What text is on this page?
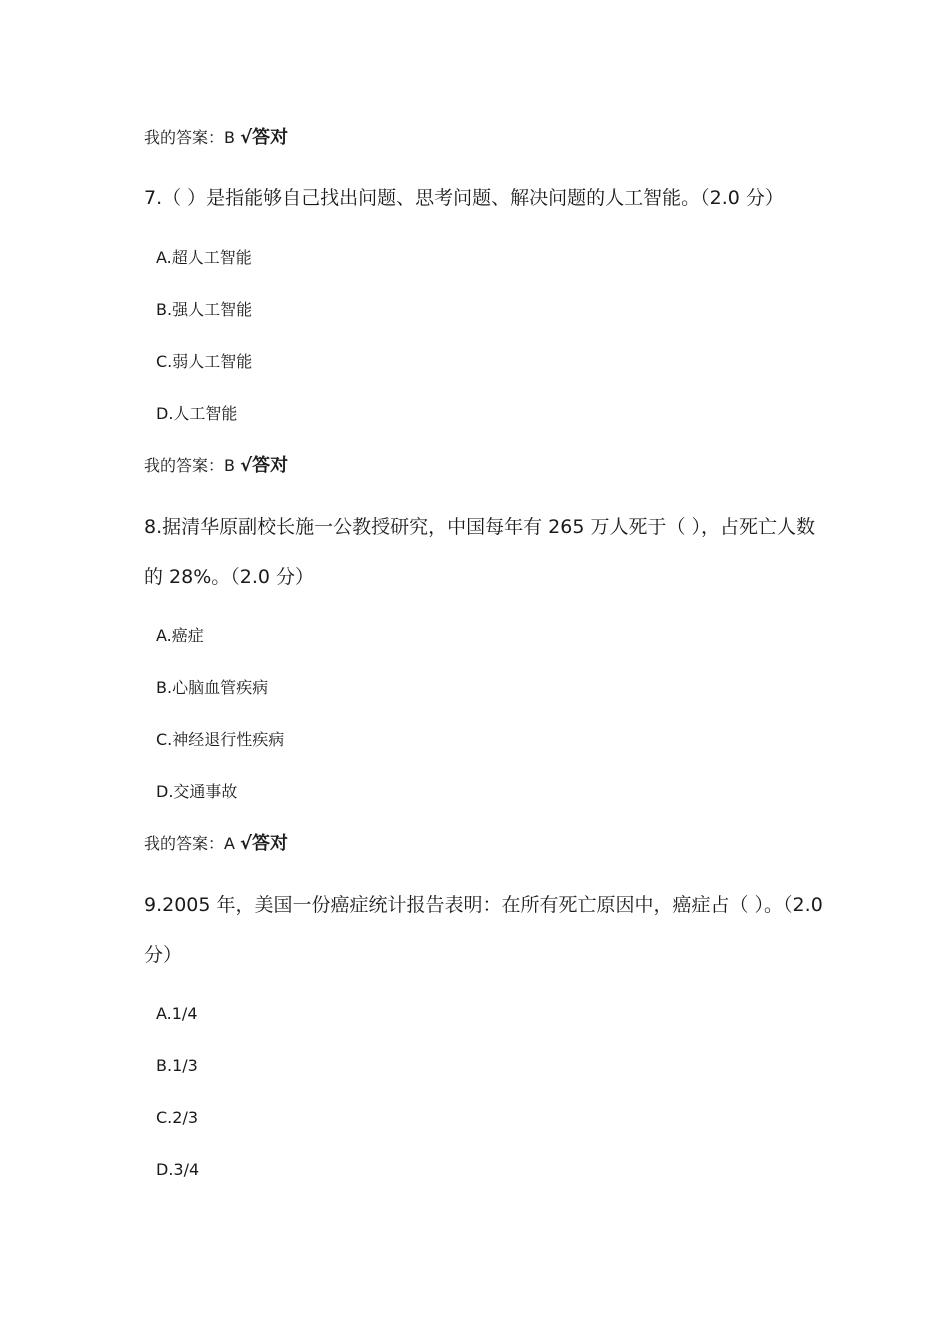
我的答案：B √答对
7.（ ）是指能够自己找出问题、思考问题、解决问题的人工智能。（2.0 分）
A.超人工智能
B.强人工智能
C.弱人工智能
D.人工智能
我的答案：B √答对
8.据清华原副校长施一公教授研究，中国每年有 265 万人死于（ ），占死亡人数
的 28%。（2.0 分）
A.癌症
B.心脑血管疾病
C.神经退行性疾病
D.交通事故
我的答案：A √答对
9.2005 年，美国一份癌症统计报告表明：在所有死亡原因中，癌症占（ ）。（2.0
分）
A.1/4
B.1/3
C.2/3
D.3/4
